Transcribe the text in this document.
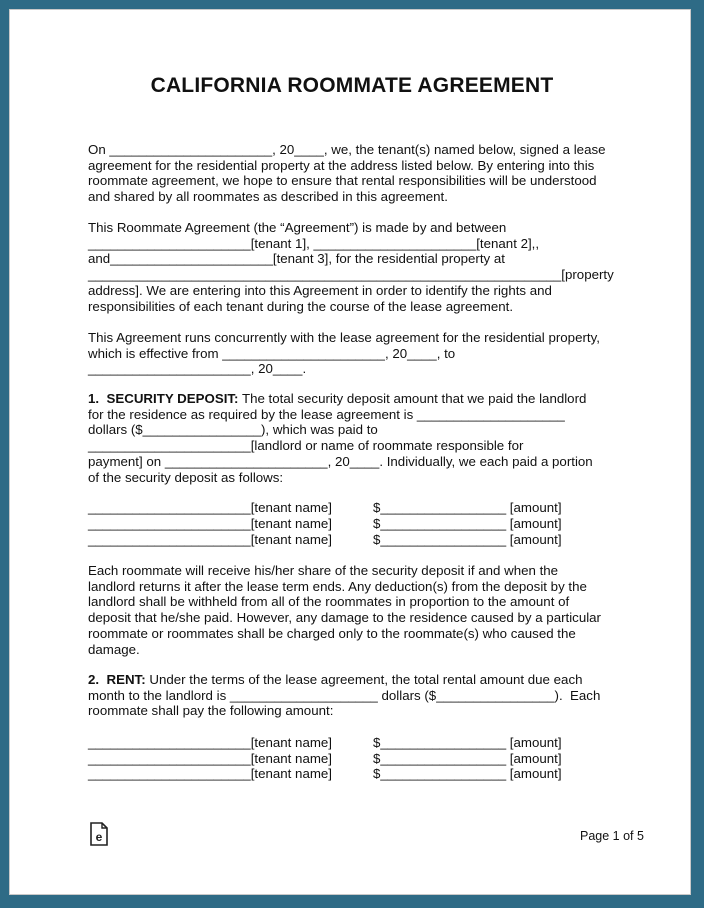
CALIFORNIA ROOMMATE AGREEMENT
On ______________________, 20____, we, the tenant(s) named below, signed a lease
agreement for the residential property at the address listed below. By entering into this
roommate agreement, we hope to ensure that rental responsibilities will be understood
and shared by all roommates as described in this agreement.
This Roommate Agreement (the “Agreement”) is made by and between
______________________[tenant 1], ______________________[tenant 2],,
and______________________[tenant 3], for the residential property at
________________________________________________________________[property
address]. We are entering into this Agreement in order to identify the rights and
responsibilities of each tenant during the course of the lease agreement.
This Agreement runs concurrently with the lease agreement for the residential property,
which is effective from ______________________, 20____, to
______________________, 20____.
1.  SECURITY DEPOSIT: The total security deposit amount that we paid the landlord
for the residence as required by the lease agreement is ____________________
dollars ($________________), which was paid to
______________________[landlord or name of roommate responsible for
payment] on ______________________, 20____. Individually, we each paid a portion
of the security deposit as follows:
______________________[tenant name]	$_________________ [amount]
______________________[tenant name]	$_________________ [amount]
______________________[tenant name]	$_________________ [amount]
Each roommate will receive his/her share of the security deposit if and when the
landlord returns it after the lease term ends. Any deduction(s) from the deposit by the
landlord shall be withheld from all of the roommates in proportion to the amount of
deposit that he/she paid. However, any damage to the residence caused by a particular
roommate or roommates shall be charged only to the roommate(s) who caused the
damage.
2.  RENT: Under the terms of the lease agreement, the total rental amount due each
month to the landlord is ____________________ dollars ($________________).  Each
roommate shall pay the following amount:
______________________[tenant name]	$_________________ [amount]
______________________[tenant name]	$_________________ [amount]
______________________[tenant name]	$_________________ [amount]
e	Page 1 of 5
